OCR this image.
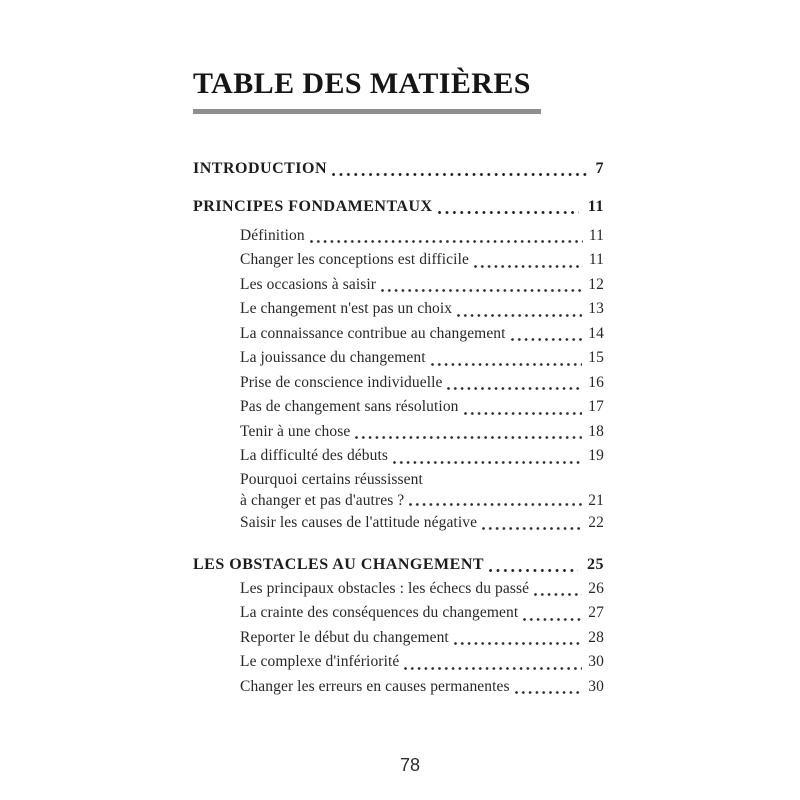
TABLE DES MATIÈRES
INTRODUCTION	7
PRINCIPES FONDAMENTAUX	11
Définition	11
Changer les conceptions est difficile	11
Les occasions à saisir	12
Le changement n'est pas un choix	13
La connaissance contribue au changement	14
La jouissance du changement	15
Prise de conscience individuelle	16
Pas de changement sans résolution	17
Tenir à une chose	18
La difficulté des débuts	19
Pourquoi certains réussissent
à changer et pas d'autres ?	21
Saisir les causes de l'attitude négative	22
LES OBSTACLES AU CHANGEMENT	25
Les principaux obstacles : les échecs du passé	26
La crainte des conséquences du changement	27
Reporter le début du changement	28
Le complexe d'infériorité	30
Changer les erreurs en causes permanentes	30
78
